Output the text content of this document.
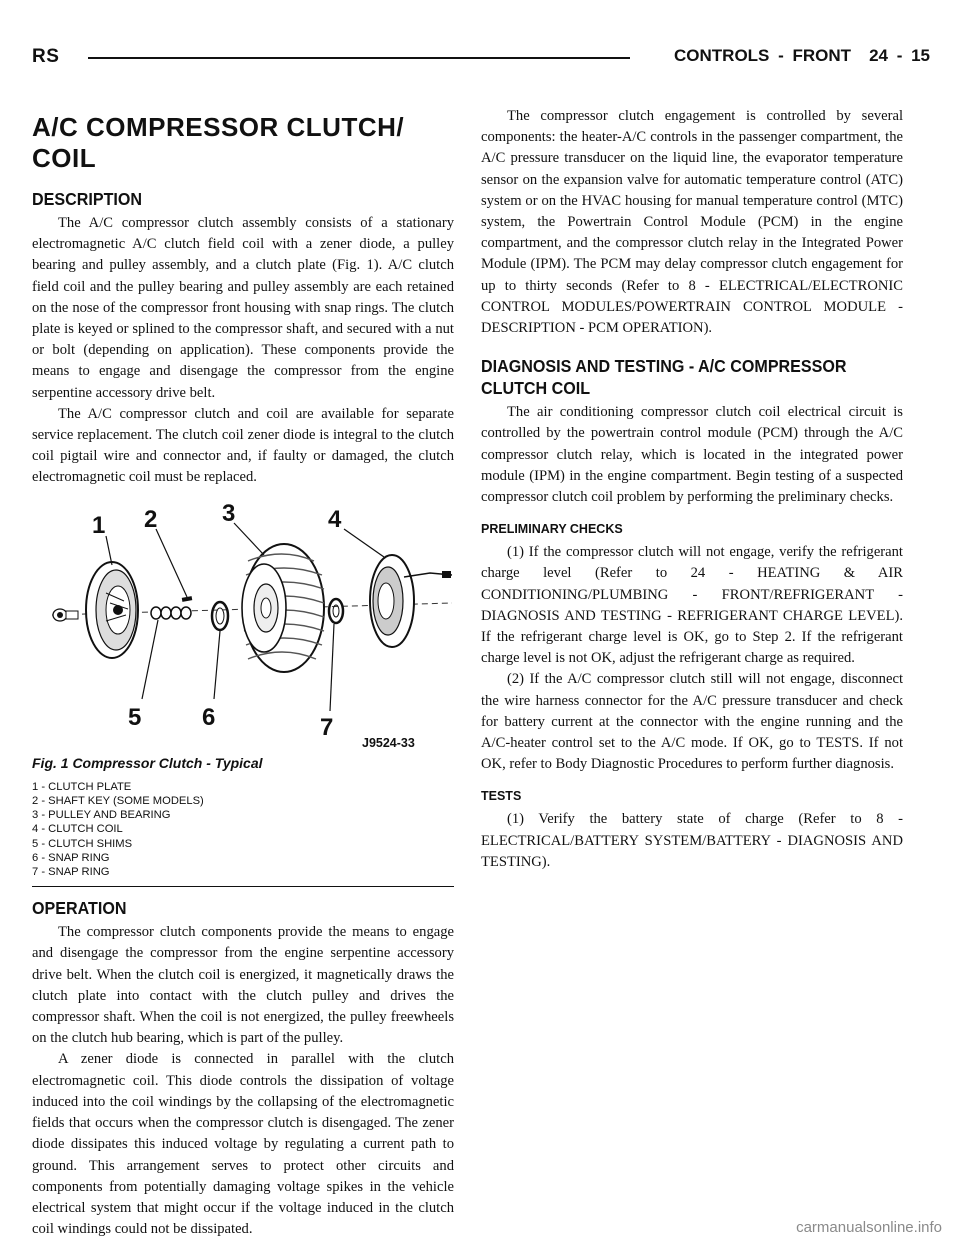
RS	CONTROLS - FRONT 24 - 15
A/C COMPRESSOR CLUTCH/ COIL
DESCRIPTION

The A/C compressor clutch assembly consists of a stationary electromagnetic A/C clutch field coil with a zener diode, a pulley bearing and pulley assembly, and a clutch plate (Fig. 1). A/C clutch field coil and the pulley bearing and pulley assembly are each retained on the nose of the compressor front housing with snap rings. The clutch plate is keyed or splined to the compressor shaft, and secured with a nut or bolt (depending on application). These components provide the means to engage and disengage the compressor from the engine serpentine accessory drive belt.

The A/C compressor clutch and coil are available for separate service replacement. The clutch coil zener diode is integral to the clutch coil pigtail wire and connector and, if faulty or damaged, the clutch electromagnetic coil must be replaced.

1 2	3	4
5	6	7
J9524-33
Fig. 1 Compressor Clutch - Typical
1 - CLUTCH PLATE
2 - SHAFT KEY (SOME MODELS)
3 - PULLEY AND BEARING
4 - CLUTCH COIL
5 - CLUTCH SHIMS
6 - SNAP RING
7 - SNAP RING
OPERATION

The compressor clutch components provide the means to engage and disengage the compressor from the engine serpentine accessory drive belt. When the clutch coil is energized, it magnetically draws the clutch plate into contact with the clutch pulley and drives the compressor shaft. When the coil is not energized, the pulley freewheels on the clutch hub bearing, which is part of the pulley.

A zener diode is connected in parallel with the clutch electromagnetic coil. This diode controls the dissipation of voltage induced into the coil windings by the collapsing of the electromagnetic fields that occurs when the compressor clutch is disengaged. The zener diode dissipates this induced voltage by regulating a current path to ground. This arrangement serves to protect other circuits and components from potentially damaging voltage spikes in the vehicle electrical system that might occur if the voltage induced in the clutch coil windings could not be dissipated.

The compressor clutch engagement is controlled by several components: the heater-A/C controls in the passenger compartment, the A/C pressure transducer on the liquid line, the evaporator temperature sensor on the expansion valve for automatic temperature control (ATC) system or on the HVAC housing for manual temperature control (MTC) system, the Powertrain Control Module (PCM) in the engine compartment, and the compressor clutch relay in the Integrated Power Module (IPM). The PCM may delay compressor clutch engagement for up to thirty seconds (Refer to 8 - ELECTRICAL/ELECTRONIC CONTROL MODULES/POWERTRAIN CONTROL MODULE - DESCRIPTION - PCM OPERATION).

DIAGNOSIS AND TESTING - A/C COMPRESSOR CLUTCH COIL

The air conditioning compressor clutch coil electrical circuit is controlled by the powertrain control module (PCM) through the A/C compressor clutch relay, which is located in the integrated power module (IPM) in the engine compartment. Begin testing of a suspected compressor clutch coil problem by performing the preliminary checks.

PRELIMINARY CHECKS

(1) If the compressor clutch will not engage, verify the refrigerant charge level (Refer to 24 - HEATING & AIR CONDITIONING/PLUMBING - FRONT/REFRIGERANT - DIAGNOSIS AND TESTING - REFRIGERANT CHARGE LEVEL). If the refrigerant charge level is OK, go to Step 2. If the refrigerant charge level is not OK, adjust the refrigerant charge as required.

(2) If the A/C compressor clutch still will not engage, disconnect the wire harness connector for the A/C pressure transducer and check for battery current at the connector with the engine running and the A/C-heater control set to the A/C mode. If OK, go to TESTS. If not OK, refer to Body Diagnostic Procedures to perform further diagnosis.

TESTS

(1) Verify the battery state of charge (Refer to 8 - ELECTRICAL/BATTERY SYSTEM/BATTERY - DIAGNOSIS AND TESTING).

carmanualsonline.info
